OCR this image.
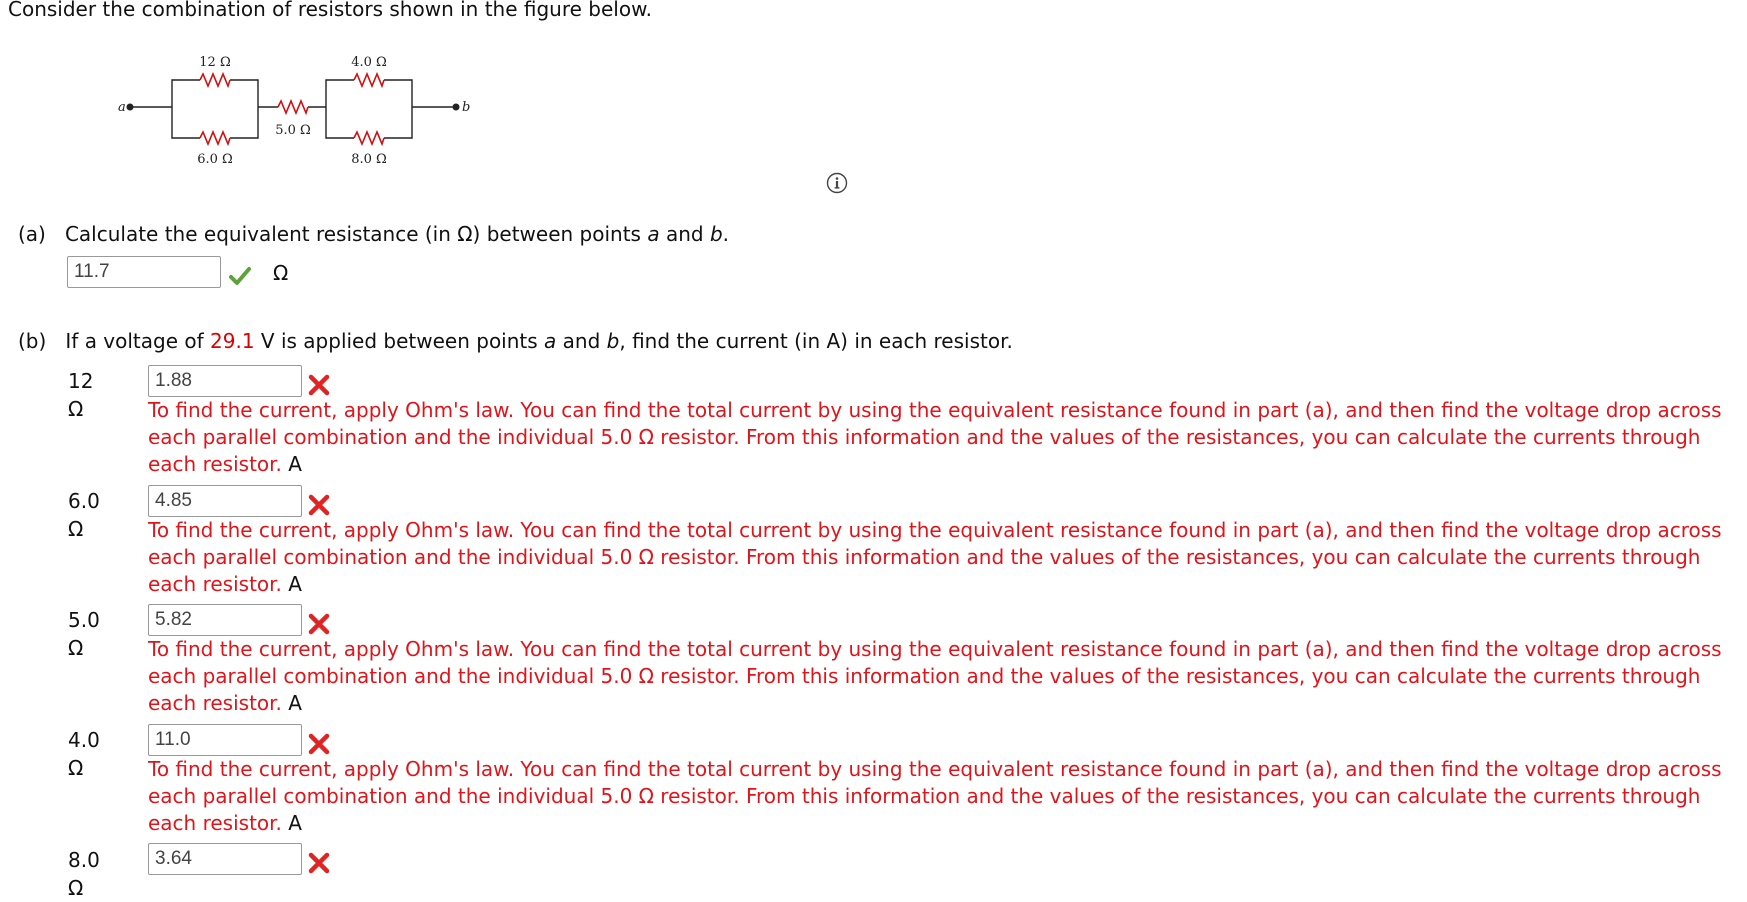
Consider the combination of resistors shown in the figure below.
a	b
12 Ω
6.0 Ω
5.0 Ω
4.0 Ω
8.0 Ω
(a) Calculate the equivalent resistance (in Ω) between points a and b.
11.7
Ω
(b) If a voltage of 29.1 V is applied between points a and b, find the current (in A) in each resistor.
12
Ω
1.88	To find the current, apply Ohm's law. You can find the total current by using the equivalent resistance found in part (a), and then find the voltage drop across each parallel combination and the individual 5.0 Ω resistor. From this information and the values of the resistances, you can calculate the currents through each resistor. A
6.0
Ω
4.85	To find the current, apply Ohm's law. You can find the total current by using the equivalent resistance found in part (a), and then find the voltage drop across each parallel combination and the individual 5.0 Ω resistor. From this information and the values of the resistances, you can calculate the currents through each resistor. A
5.0
Ω
5.82	To find the current, apply Ohm's law. You can find the total current by using the equivalent resistance found in part (a), and then find the voltage drop across each parallel combination and the individual 5.0 Ω resistor. From this information and the values of the resistances, you can calculate the currents through each resistor. A
4.0
Ω
11.0	To find the current, apply Ohm's law. You can find the total current by using the equivalent resistance found in part (a), and then find the voltage drop across each parallel combination and the individual 5.0 Ω resistor. From this information and the values of the resistances, you can calculate the currents through each resistor. A
8.0
Ω
3.64
